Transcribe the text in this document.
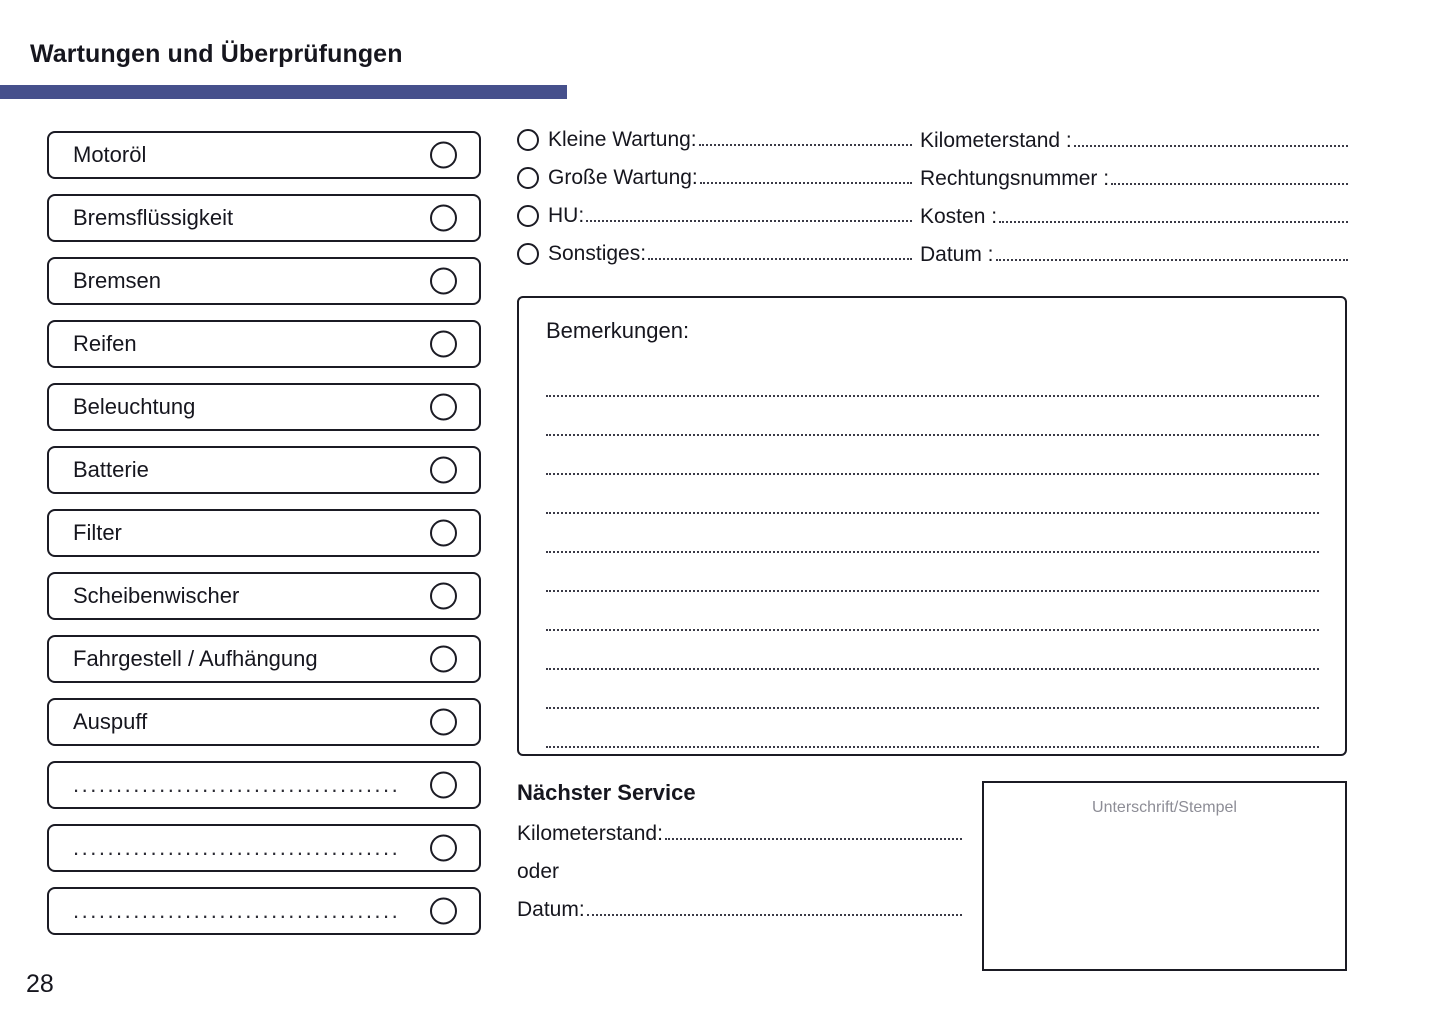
Wartungen und Überprüfungen
Motoröl
Bremsflüssigkeit
Bremsen
Reifen
Beleuchtung
Batterie
Filter
Scheibenwischer
Fahrgestell / Aufhängung
Auspuff
......................................
......................................
......................................
Kleine Wartung:
Große Wartung:
HU:
Sonstiges:
Kilometerstand :
Rechtungsnummer :
Kosten :
Datum :
Bemerkungen:
Nächster Service
Kilometerstand:
oder
Datum:
Unterschrift/Stempel
28
